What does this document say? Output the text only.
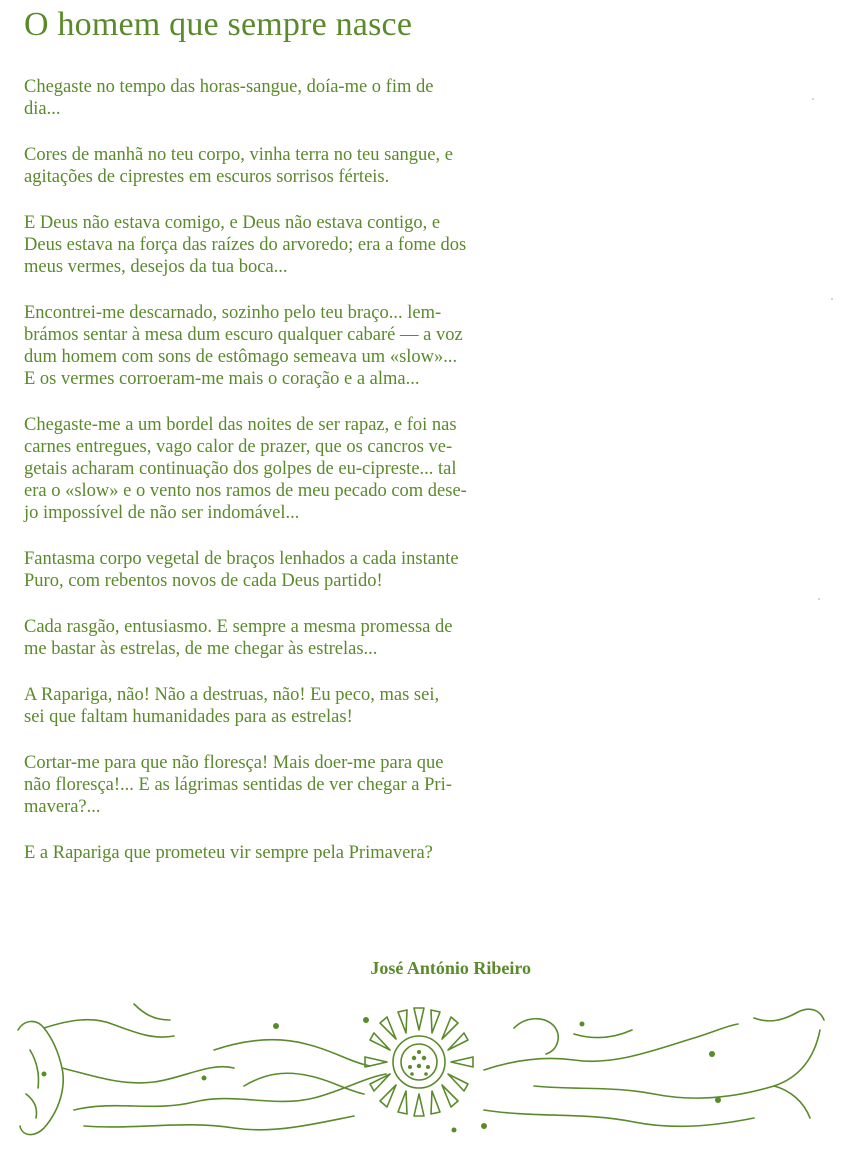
O homem que sempre nasce

Chegaste no tempo das horas-sangue, doía-me o fim de
dia...

Cores de manhã no teu corpo, vinha terra no teu sangue, e
agitações de ciprestes em escuros sorrisos férteis.

E Deus não estava comigo, e Deus não estava contigo, e
Deus estava na força das raízes do arvoredo; era a fome dos
meus vermes, desejos da tua boca...

Encontrei-me descarnado, sozinho pelo teu braço... lem-
brámos sentar à mesa dum escuro qualquer cabaré — a voz
dum homem com sons de estômago semeava um «slow»...
E os vermes corroeram-me mais o coração e a alma...

Chegaste-me a um bordel das noites de ser rapaz, e foi nas
carnes entregues, vago calor de prazer, que os cancros ve-
getais acharam continuação dos golpes de eu-cipreste... tal
era o «slow» e o vento nos ramos de meu pecado com dese-
jo impossível de não ser indomável...

Fantasma corpo vegetal de braços lenhados a cada instante
Puro, com rebentos novos de cada Deus partido!

Cada rasgão, entusiasmo. E sempre a mesma promessa de
me bastar às estrelas, de me chegar às estrelas...

A Rapariga, não! Não a destruas, não! Eu peco, mas sei,
sei que faltam humanidades para as estrelas!

Cortar-me para que não floresça! Mais doer-me para que
não floresça!... E as lágrimas sentidas de ver chegar a Pri-
mavera?...

E a Rapariga que prometeu vir sempre pela Primavera?

José António Ribeiro
